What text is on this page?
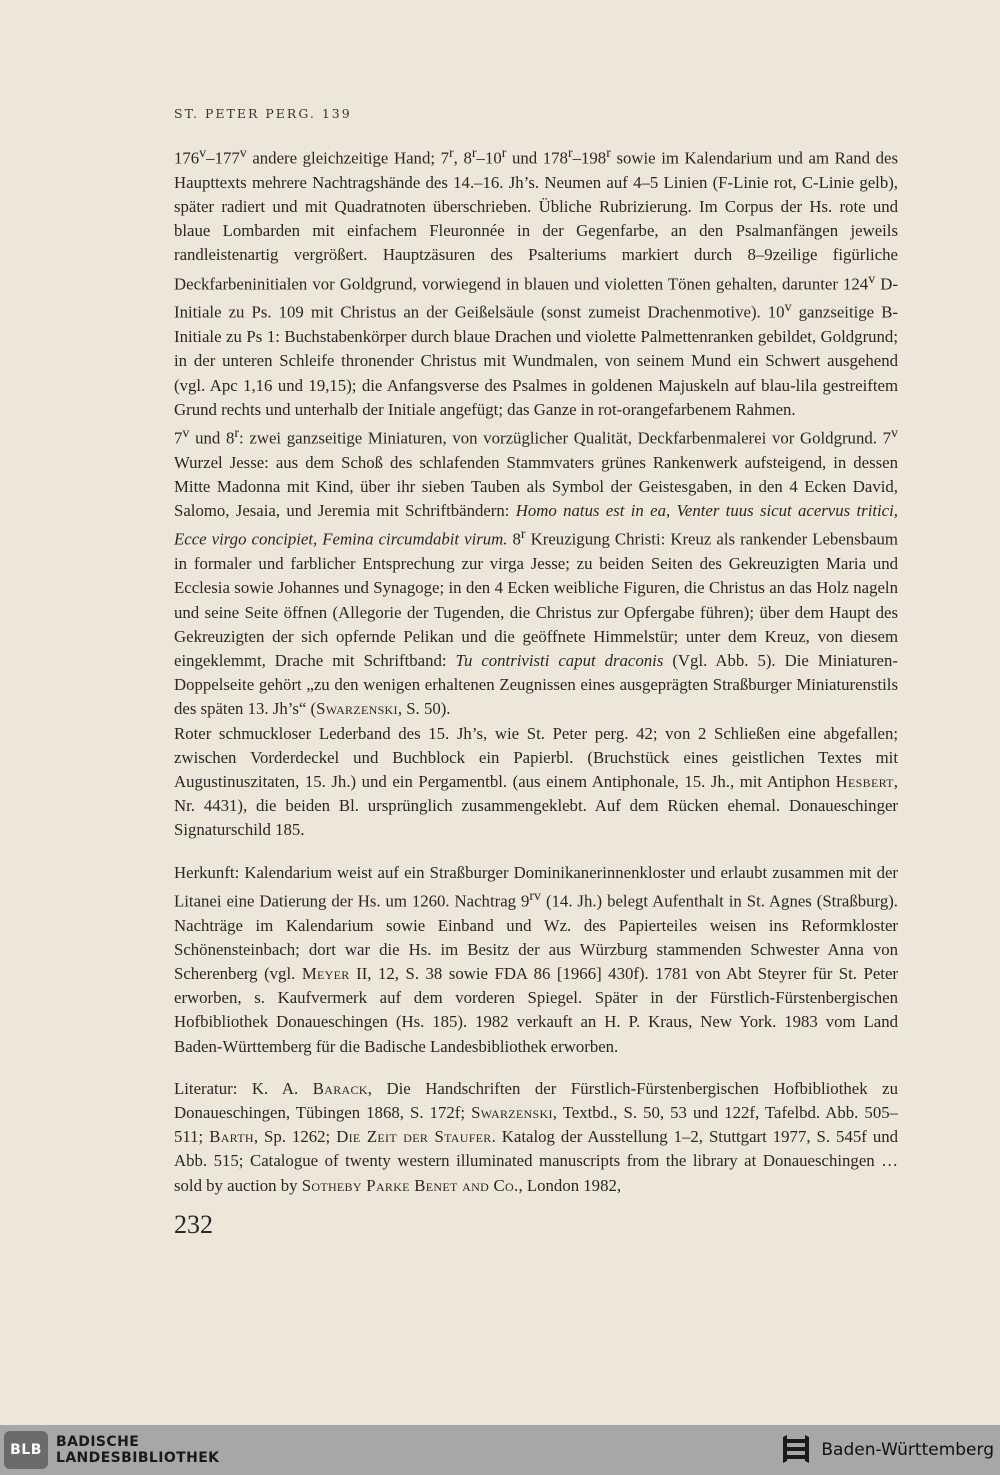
ST. PETER PERG. 139

176$^v$–177$^v$ andere gleichzeitige Hand; 7$^r$, 8$^r$–10$^r$ und 178$^r$–198$^r$ sowie im Kalendarium und am Rand des Haupttexts mehrere Nachtragshände des 14.–16. Jh’s. Neumen auf 4–5 Linien (F-Linie rot, C-Linie gelb), später radiert und mit Quadratnoten überschrieben. Übliche Rubrizierung. Im Corpus der Hs. rote und blaue Lombarden mit einfachem Fleuronnée in der Gegenfarbe, an den Psalmanfängen jeweils randleistenartig vergrößert. Hauptzäsuren des Psalteriums markiert durch 8–9zeilige figürliche Deckfarbeninitialen vor Goldgrund, vorwiegend in blauen und violetten Tönen gehalten, darunter 124$^v$ D-Initiale zu Ps. 109 mit Christus an der Geißelsäule (sonst zumeist Drachenmotive). 10$^v$ ganzseitige B-Initiale zu Ps 1: Buchstabenkörper durch blaue Drachen und violette Palmettenranken gebildet, Goldgrund; in der unteren Schleife thronender Christus mit Wundmalen, von seinem Mund ein Schwert ausgehend (vgl. Apc 1,16 und 19,15); die Anfangsverse des Psalmes in goldenen Majuskeln auf blau-lila gestreiftem Grund rechts und unterhalb der Initiale angefügt; das Ganze in rot-orangefarbenem Rahmen.

7$^v$ und 8$^r$: zwei ganzseitige Miniaturen, von vorzüglicher Qualität, Deckfarbenmalerei vor Goldgrund. 7$^v$ Wurzel Jesse: aus dem Schoß des schlafenden Stammvaters grünes Rankenwerk aufsteigend, in dessen Mitte Madonna mit Kind, über ihr sieben Tauben als Symbol der Geistesgaben, in den 4 Ecken David, Salomo, Jesaia, und Jeremia mit Schriftbändern: Homo natus est in ea, Venter tuus sicut acervus tritici, Ecce virgo concipiet, Femina circumdabit virum. 8$^r$ Kreuzigung Christi: Kreuz als rankender Lebensbaum in formaler und farblicher Entsprechung zur virga Jesse; zu beiden Seiten des Gekreuzigten Maria und Ecclesia sowie Johannes und Synagoge; in den 4 Ecken weibliche Figuren, die Christus an das Holz nageln und seine Seite öffnen (Allegorie der Tugenden, die Christus zur Opfergabe führen); über dem Haupt des Gekreuzigten der sich opfernde Pelikan und die geöffnete Himmelstür; unter dem Kreuz, von diesem eingeklemmt, Drache mit Schriftband: Tu contrivisti caput draconis (Vgl. Abb. 5). Die Miniaturen-Doppelseite gehört „zu den wenigen erhaltenen Zeugnissen eines ausgeprägten Straßburger Miniaturenstils des späten 13. Jh’s“ (Swarzenski, S. 50).

Roter schmuckloser Lederband des 15. Jh’s, wie St. Peter perg. 42; von 2 Schließen eine abgefallen; zwischen Vorderdeckel und Buchblock ein Papierbl. (Bruchstück eines geistlichen Textes mit Augustinuszitaten, 15. Jh.) und ein Pergamentbl. (aus einem Antiphonale, 15. Jh., mit Antiphon Hesbert, Nr. 4431), die beiden Bl. ursprünglich zusammengeklebt. Auf dem Rücken ehemal. Donaueschinger Signaturschild 185.

Herkunft: Kalendarium weist auf ein Straßburger Dominikanerinnenkloster und erlaubt zusammen mit der Litanei eine Datierung der Hs. um 1260. Nachtrag $9^{rv}$ (14. Jh.) belegt Aufenthalt in St. Agnes (Straßburg). Nachträge im Kalendarium sowie Einband und Wz. des Papierteiles weisen ins Reformkloster Schönensteinbach; dort war die Hs. im Besitz der aus Würzburg stammenden Schwester Anna von Scherenberg (vgl. Meyer II, 12, S. 38 sowie FDA 86 [1966] 430f). 1781 von Abt Steyrer für St. Peter erworben, s. Kaufvermerk auf dem vorderen Spiegel. Später in der Fürstlich-Fürstenbergischen Hofbibliothek Donaueschingen (Hs. 185). 1982 verkauft an H. P. Kraus, New York. 1983 vom Land Baden-Württemberg für die Badische Landesbibliothek erworben.

Literatur: K. A. Barack, Die Handschriften der Fürstlich-Fürstenbergischen Hofbibliothek zu Donaueschingen, Tübingen 1868, S. 172f; Swarzenski, Textbd., S. 50, 53 und 122f, Tafelbd. Abb. 505–511; Barth, Sp. 1262; Die Zeit der Staufer. Katalog der Ausstellung 1–2, Stuttgart 1977, S. 545f und Abb. 515; Catalogue of twenty western illuminated manuscripts from the library at Donaueschingen … sold by auction by Sotheby Parke Benet and Co., London 1982,

232
BLB	BADISCHE
LANDESBIBLIOTHEK	Baden-Württemberg
